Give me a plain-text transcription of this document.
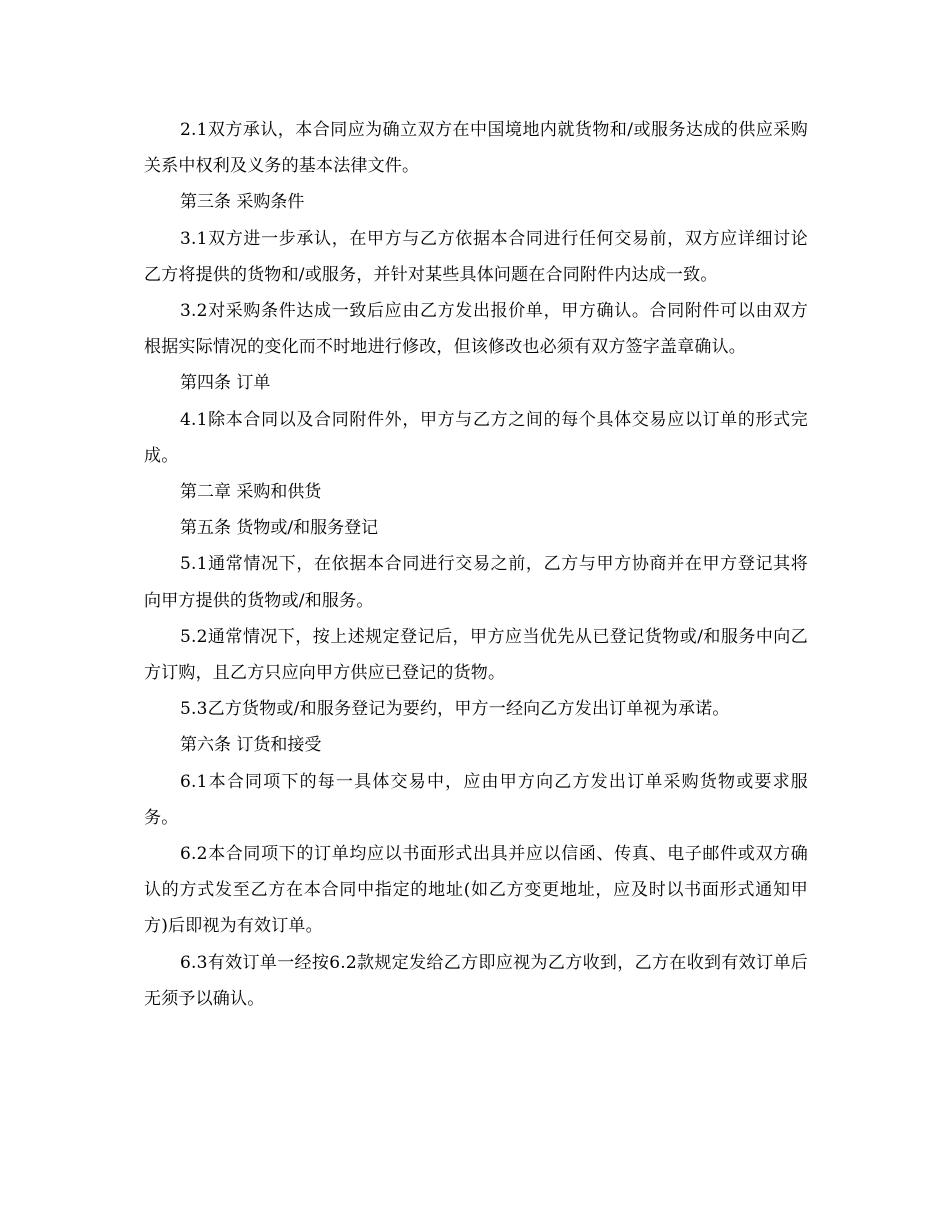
2.1双方承认，本合同应为确立双方在中国境地内就货物和/或服务达成的供应采购关系中权利及义务的基本法律文件。

第三条 采购条件

3.1双方进一步承认，在甲方与乙方依据本合同进行任何交易前，双方应详细讨论乙方将提供的货物和/或服务，并针对某些具体问题在合同附件内达成一致。

3.2对采购条件达成一致后应由乙方发出报价单，甲方确认。合同附件可以由双方根据实际情况的变化而不时地进行修改，但该修改也必须有双方签字盖章确认。

第四条 订单

4.1除本合同以及合同附件外，甲方与乙方之间的每个具体交易应以订单的形式完成。

第二章 采购和供货

第五条 货物或/和服务登记

5.1通常情况下，在依据本合同进行交易之前，乙方与甲方协商并在甲方登记其将向甲方提供的货物或/和服务。

5.2通常情况下，按上述规定登记后，甲方应当优先从已登记货物或/和服务中向乙方订购，且乙方只应向甲方供应已登记的货物。

5.3乙方货物或/和服务登记为要约，甲方一经向乙方发出订单视为承诺。

第六条 订货和接受

6.1本合同项下的每一具体交易中，应由甲方向乙方发出订单采购货物或要求服务。

6.2本合同项下的订单均应以书面形式出具并应以信函、传真、电子邮件或双方确认的方式发至乙方在本合同中指定的地址(如乙方变更地址，应及时以书面形式通知甲方)后即视为有效订单。

6.3有效订单一经按6.2款规定发给乙方即应视为乙方收到，乙方在收到有效订单后无须予以确认。
